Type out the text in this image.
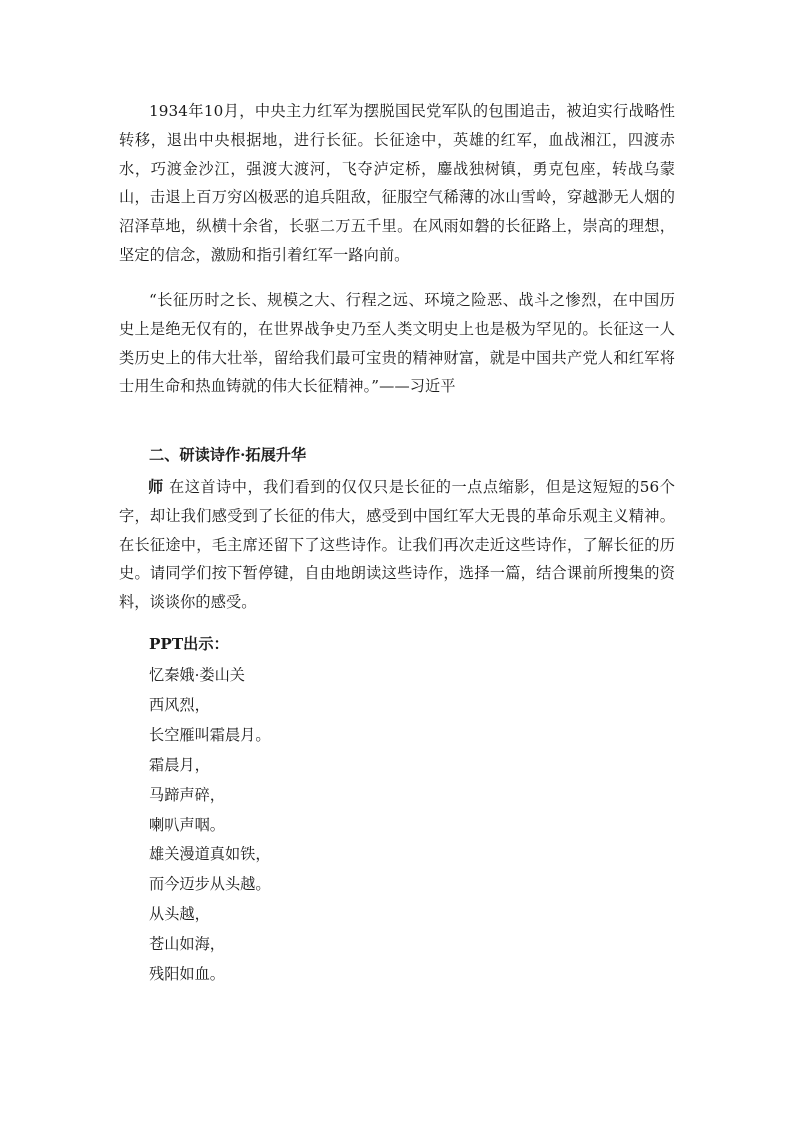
1934年10月，中央主力红军为摆脱国民党军队的包围追击，被迫实行战略性转移，退出中央根据地，进行长征。长征途中，英雄的红军，血战湘江，四渡赤水，巧渡金沙江，强渡大渡河，飞夺泸定桥，鏖战独树镇，勇克包座，转战乌蒙山，击退上百万穷凶极恶的追兵阻敌，征服空气稀薄的冰山雪岭，穿越渺无人烟的沼泽草地，纵横十余省，长驱二万五千里。在风雨如磐的长征路上，崇高的理想，坚定的信念，激励和指引着红军一路向前。

“长征历时之长、规模之大、行程之远、环境之险恶、战斗之惨烈，在中国历史上是绝无仅有的，在世界战争史乃至人类文明史上也是极为罕见的。长征这一人类历史上的伟大壮举，留给我们最可宝贵的精神财富，就是中国共产党人和红军将士用生命和热血铸就的伟大长征精神。”——习近平

二、研读诗作·拓展升华

师 在这首诗中，我们看到的仅仅只是长征的一点点缩影，但是这短短的56个字，却让我们感受到了长征的伟大，感受到中国红军大无畏的革命乐观主义精神。在长征途中，毛主席还留下了这些诗作。让我们再次走近这些诗作，了解长征的历史。请同学们按下暂停键，自由地朗读这些诗作，选择一篇，结合课前所搜集的资料，谈谈你的感受。

PPT出示：

忆秦娥·娄山关
西风烈，
长空雁叫霜晨月。
霜晨月，
马蹄声碎，
喇叭声咽。
雄关漫道真如铁，
而今迈步从头越。
从头越，
苍山如海，
残阳如血。
